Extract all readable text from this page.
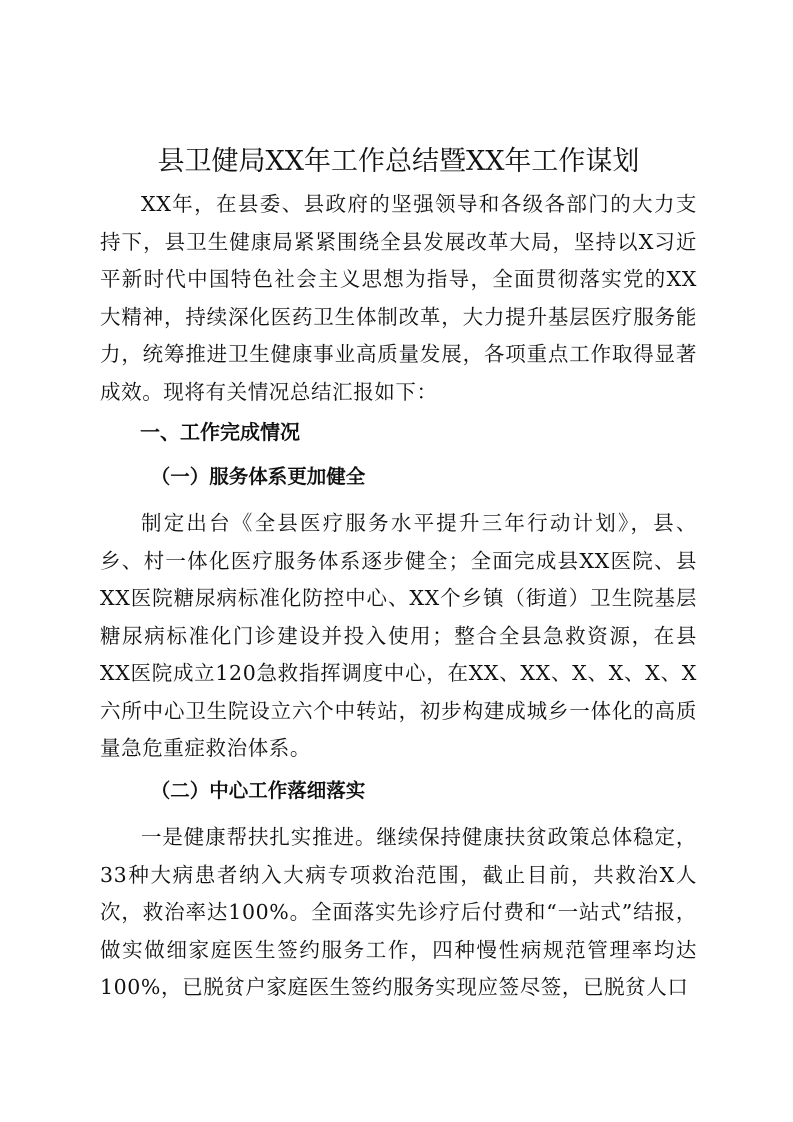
县卫健局XX年工作总结暨XX年工作谋划

XX年，在县委、县政府的坚强领导和各级各部门的大力支持下，县卫生健康局紧紧围绕全县发展改革大局，坚持以X习近平新时代中国特色社会主义思想为指导，全面贯彻落实党的XX大精神，持续深化医药卫生体制改革，大力提升基层医疗服务能力，统筹推进卫生健康事业高质量发展，各项重点工作取得显著成效。现将有关情况总结汇报如下：

一、工作完成情况

（一）服务体系更加健全

制定出台《全县医疗服务水平提升三年行动计划》，县、乡、村一体化医疗服务体系逐步健全；全面完成县XX医院、县XX医院糖尿病标准化防控中心、XX个乡镇（街道）卫生院基层糖尿病标准化门诊建设并投入使用；整合全县急救资源，在县XX医院成立120急救指挥调度中心，在XX、XX、X、X、X、X六所中心卫生院设立六个中转站，初步构建成城乡一体化的高质量急危重症救治体系。

（二）中心工作落细落实

一是健康帮扶扎实推进。继续保持健康扶贫政策总体稳定，33种大病患者纳入大病专项救治范围，截止目前，共救治X人次，救治率达100%。全面落实先诊疗后付费和“一站式”结报，做实做细家庭医生签约服务工作，四种慢性病规范管理率均达100%，已脱贫户家庭医生签约服务实现应签尽签，已脱贫人口
